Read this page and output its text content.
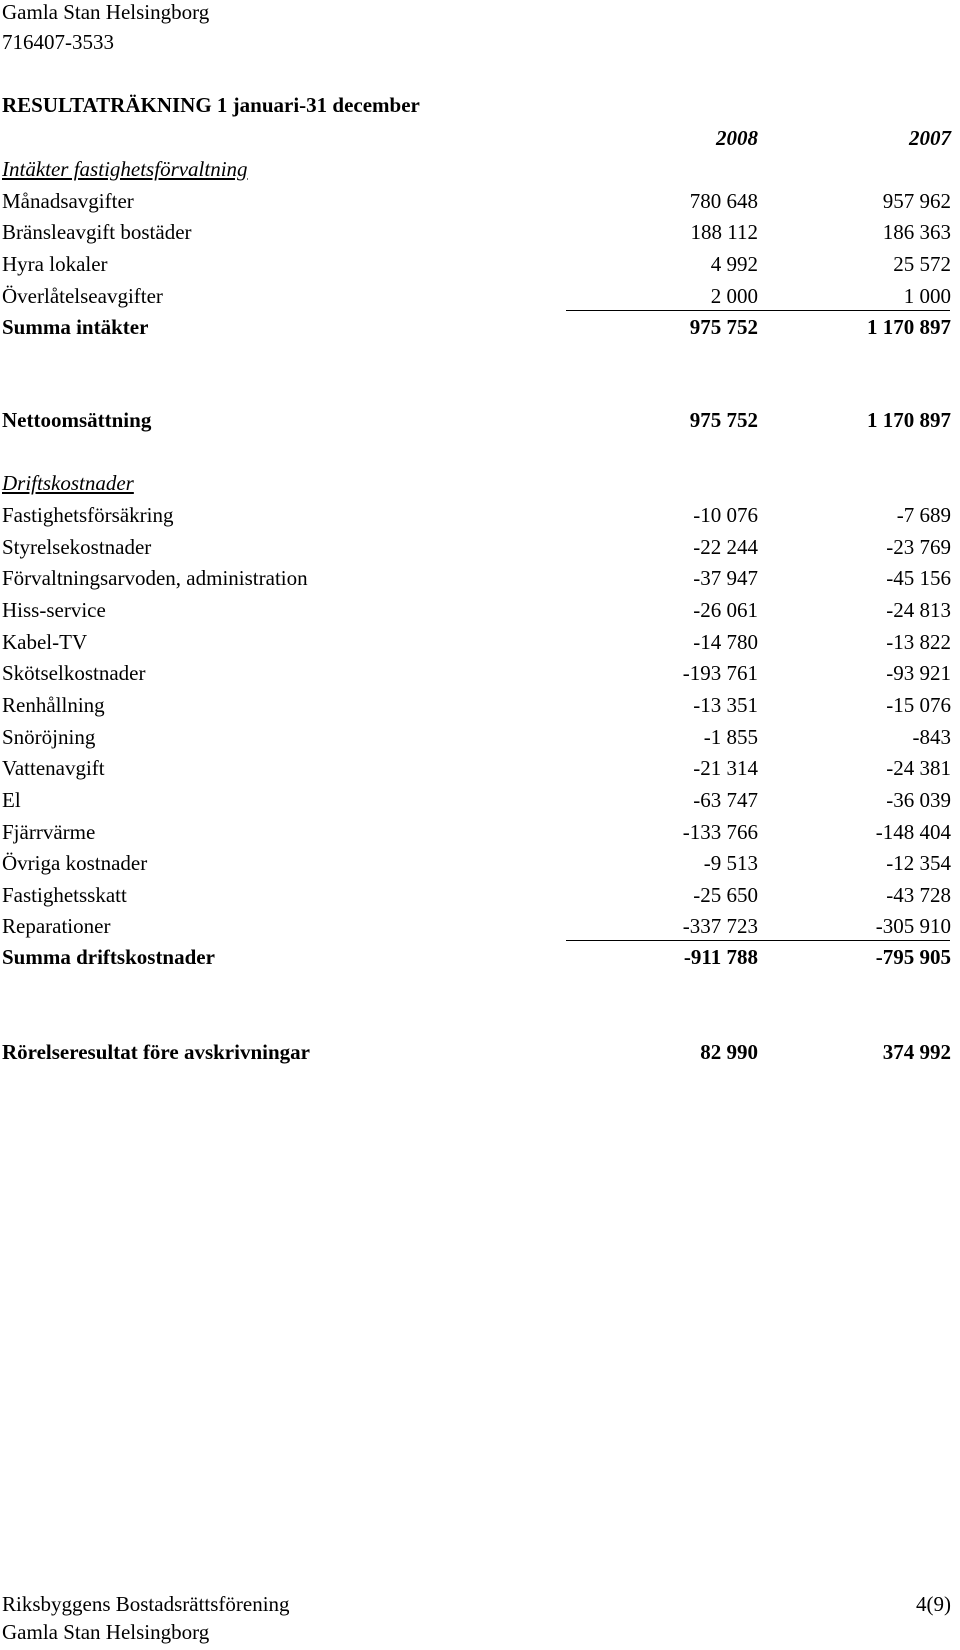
Gamla Stan Helsingborg
716407-3533
RESULTATRÄKNING 1 januari-31 december
2008	2007
Intäkter fastighetsförvaltning
Månadsavgifter	780 648	957 962
Bränsleavgift bostäder	188 112	186 363
Hyra lokaler	4 992	25 572
Överlåtelseavgifter	2 000	1 000
Summa intäkter	975 752	1 170 897
Nettoomsättning	975 752	1 170 897
Driftskostnader
Fastighetsförsäkring	-10 076	-7 689
Styrelsekostnader	-22 244	-23 769
Förvaltningsarvoden, administration	-37 947	-45 156
Hiss-service	-26 061	-24 813
Kabel-TV	-14 780	-13 822
Skötselkostnader	-193 761	-93 921
Renhållning	-13 351	-15 076
Snöröjning	-1 855	-843
Vattenavgift	-21 314	-24 381
El	-63 747	-36 039
Fjärrvärme	-133 766	-148 404
Övriga kostnader	-9 513	-12 354
Fastighetsskatt	-25 650	-43 728
Reparationer	-337 723	-305 910
Summa driftskostnader	-911 788	-795 905
Rörelseresultat före avskrivningar	82 990	374 992
Riksbyggens Bostadsrättsförening	4(9)
Gamla Stan Helsingborg
